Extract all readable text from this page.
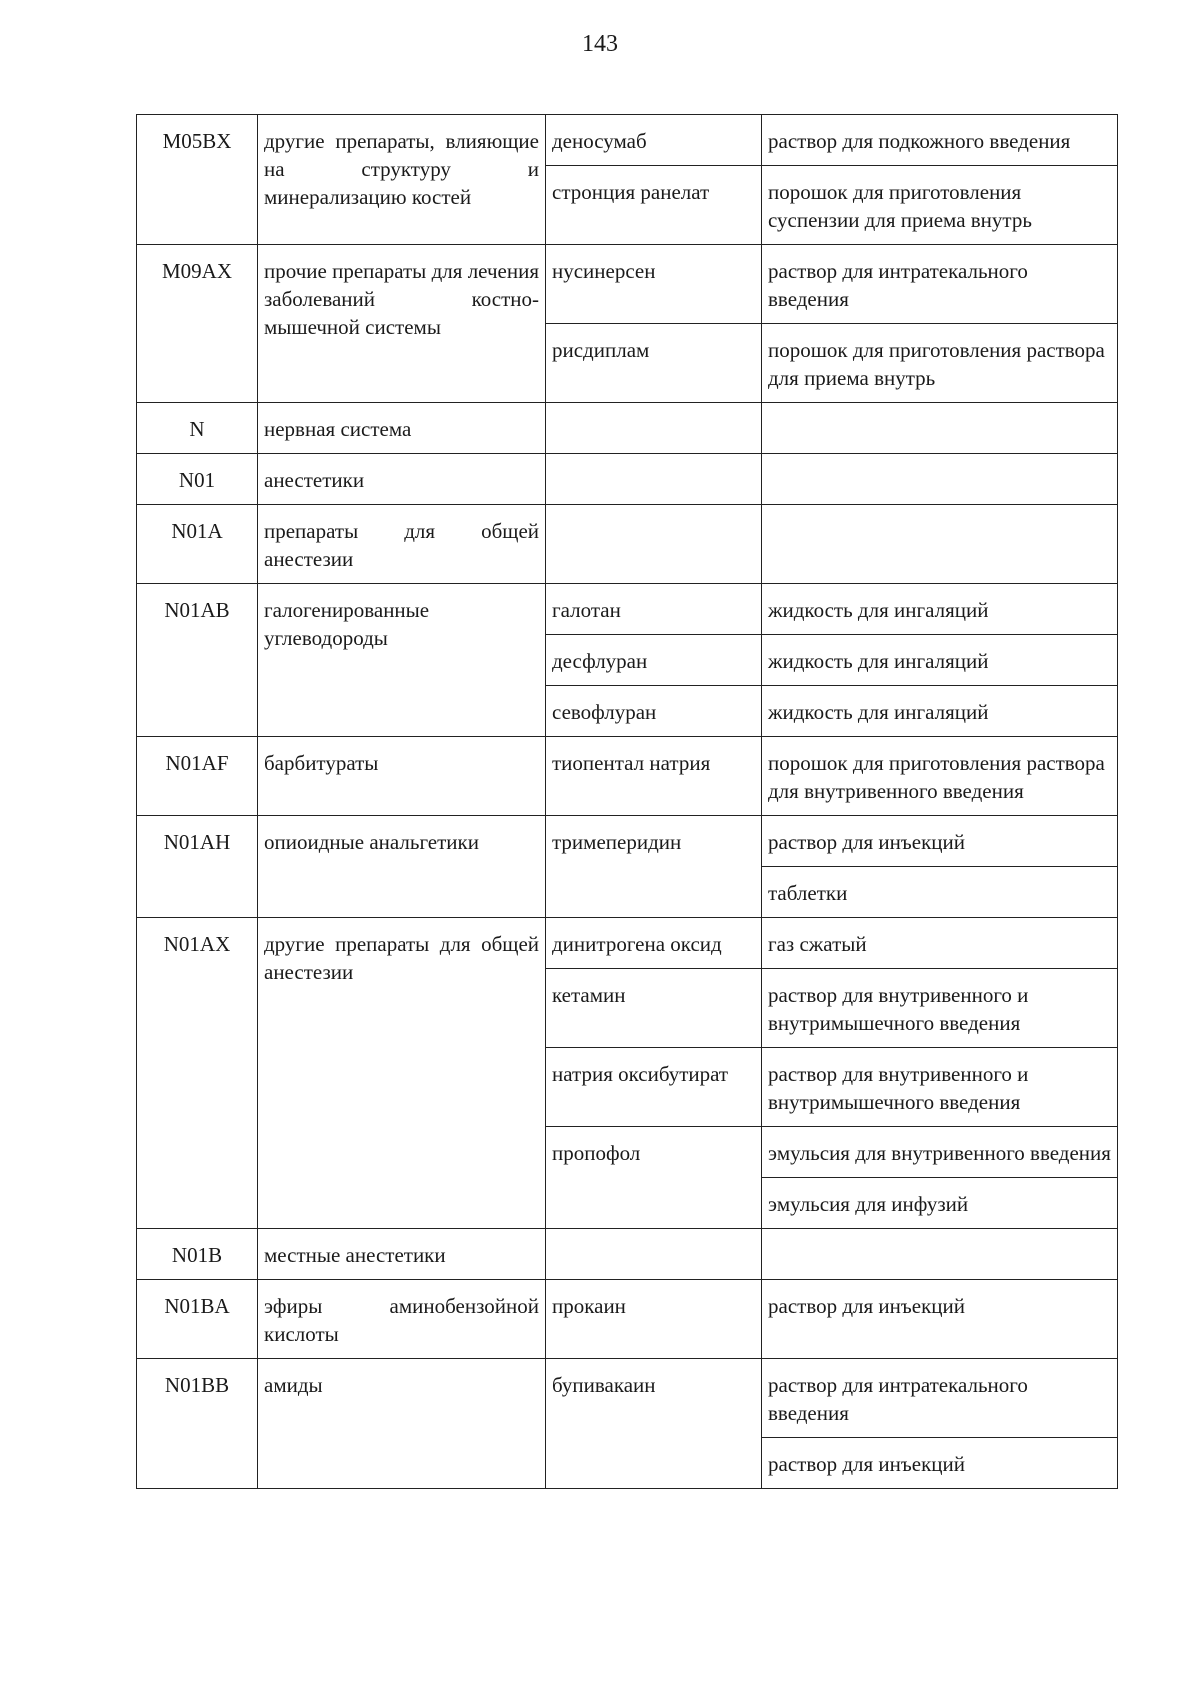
143
M05BX	другие препараты, влияющие на структуру и минерализацию костей	деносумаб	раствор для подкожного введения
		стронция ранелат	порошок для приготовления суспензии для приема внутрь
M09AX	прочие препараты для лечения заболеваний костно-мышечной системы	нусинерсен	раствор для интратекального введения
		рисдиплам	порошок для приготовления раствора для приема внутрь
N	нервная система		
N01	анестетики		
N01A	препараты для общей анестезии		
N01AB	галогенированные углеводороды	галотан	жидкость для ингаляций
		десфлуран	жидкость для ингаляций
		севофлуран	жидкость для ингаляций
N01AF	барбитураты	тиопентал натрия	порошок для приготовления раствора для внутривенного введения
N01AH	опиоидные анальгетики	тримеперидин	раствор для инъекций
			таблетки
N01AX	другие препараты для общей анестезии	динитрогена оксид	газ сжатый
		кетамин	раствор для внутривенного и внутримышечного введения
		натрия оксибутират	раствор для внутривенного и внутримышечного введения
		пропофол	эмульсия для внутривенного введения
			эмульсия для инфузий
N01B	местные анестетики		
N01BA	эфиры аминобензойной кислоты	прокаин	раствор для инъекций
N01BB	амиды	бупивакаин	раствор для интратекального введения
			раствор для инъекций
